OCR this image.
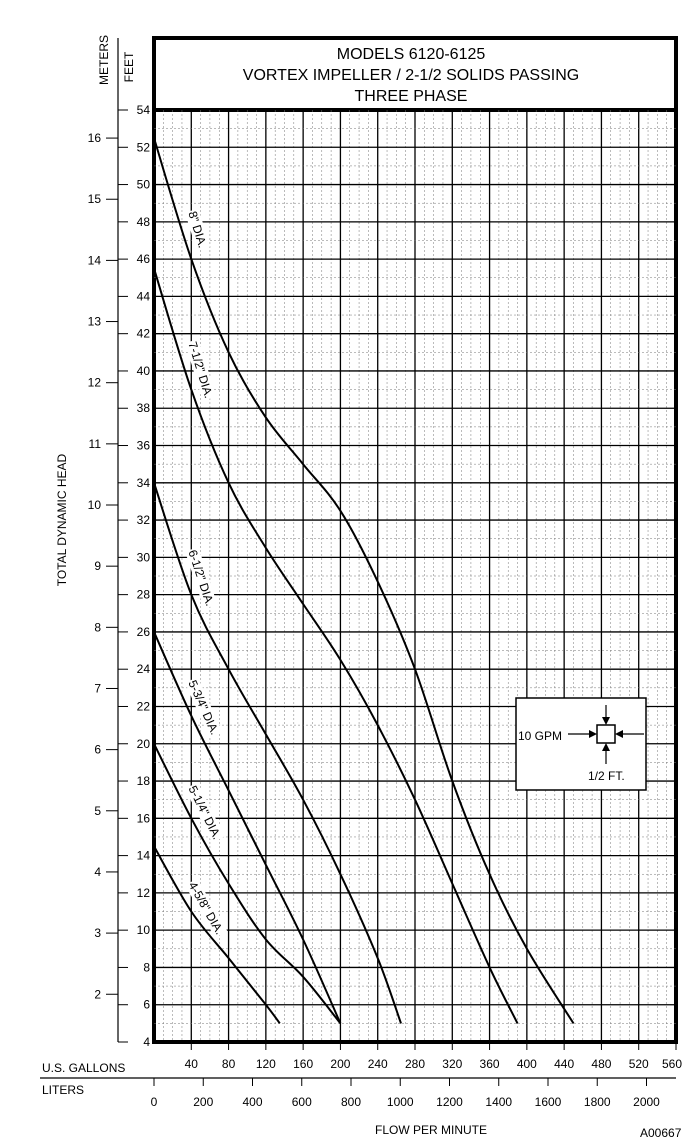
MODELS 6120-6125
VORTEX IMPELLER / 2-1/2 SOLIDS PASSING
THREE PHASE
8" DIA.
7-1/2" DIA.
6-1/2" DIA.
5-3/4" DIA.
5-1/4" DIA.
4-5/8" DIA.
METERS FEET
TOTAL DYNAMIC HEAD
4
6
8
10
12
14
16
18
20
22
24
26
28
30
32
34
36
38
40
42
44
46
48
50
52
54
2
3
4
5
6
7
8
9
10
11
12
13
14
15
16
U.S. GALLONS
LITERS
40 80 120 160 200 240 280 320 360 400 440 480 520 560
0	200 400 600 800 1000 1200 1400 1600 1800 2000
FLOW PER MINUTE
10 GPM
1/2 FT.
A00667
